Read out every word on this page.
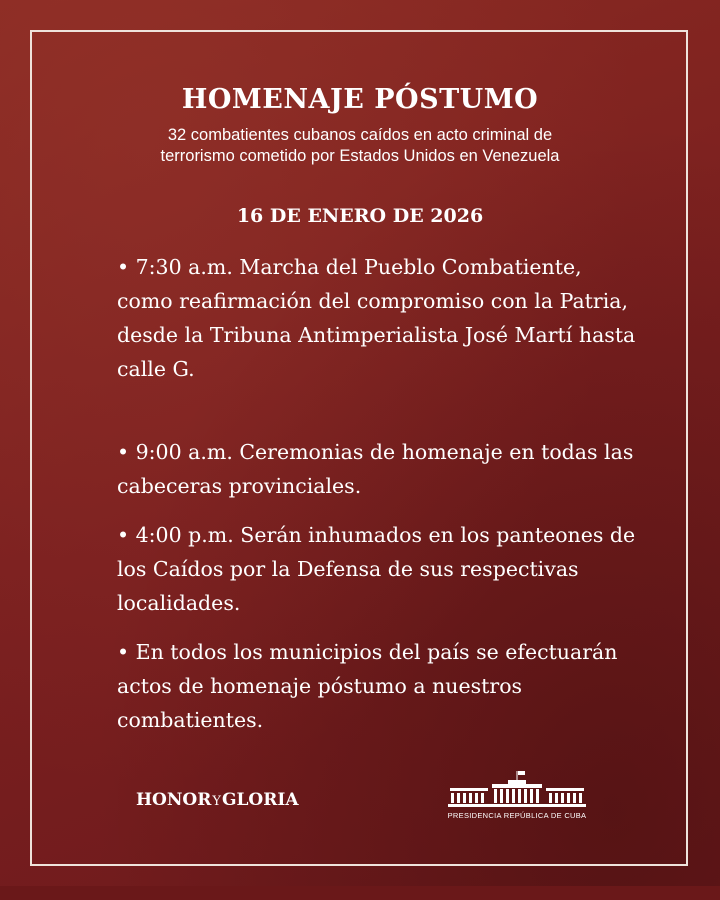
HOMENAJE PÓSTUMO
32 combatientes cubanos caídos en acto criminal de
terrorismo cometido por Estados Unidos en Venezuela
16 DE ENERO DE 2026
• 7:30 a.m. Marcha del Pueblo Combatiente, como reafirmación del compromiso con la Patria, desde la Tribuna Antimperialista José Martí hasta calle G.
• 9:00 a.m. Ceremonias de homenaje en todas las cabeceras provinciales.
• 4:00 p.m. Serán inhumados en los panteones de los Caídos por la Defensa de sus respectivas localidades.
• En todos los municipios del país se efectuarán actos de homenaje póstumo a nuestros combatientes.
HONORYGLORIA
PRESIDENCIA REPÚBLICA DE CUBA
